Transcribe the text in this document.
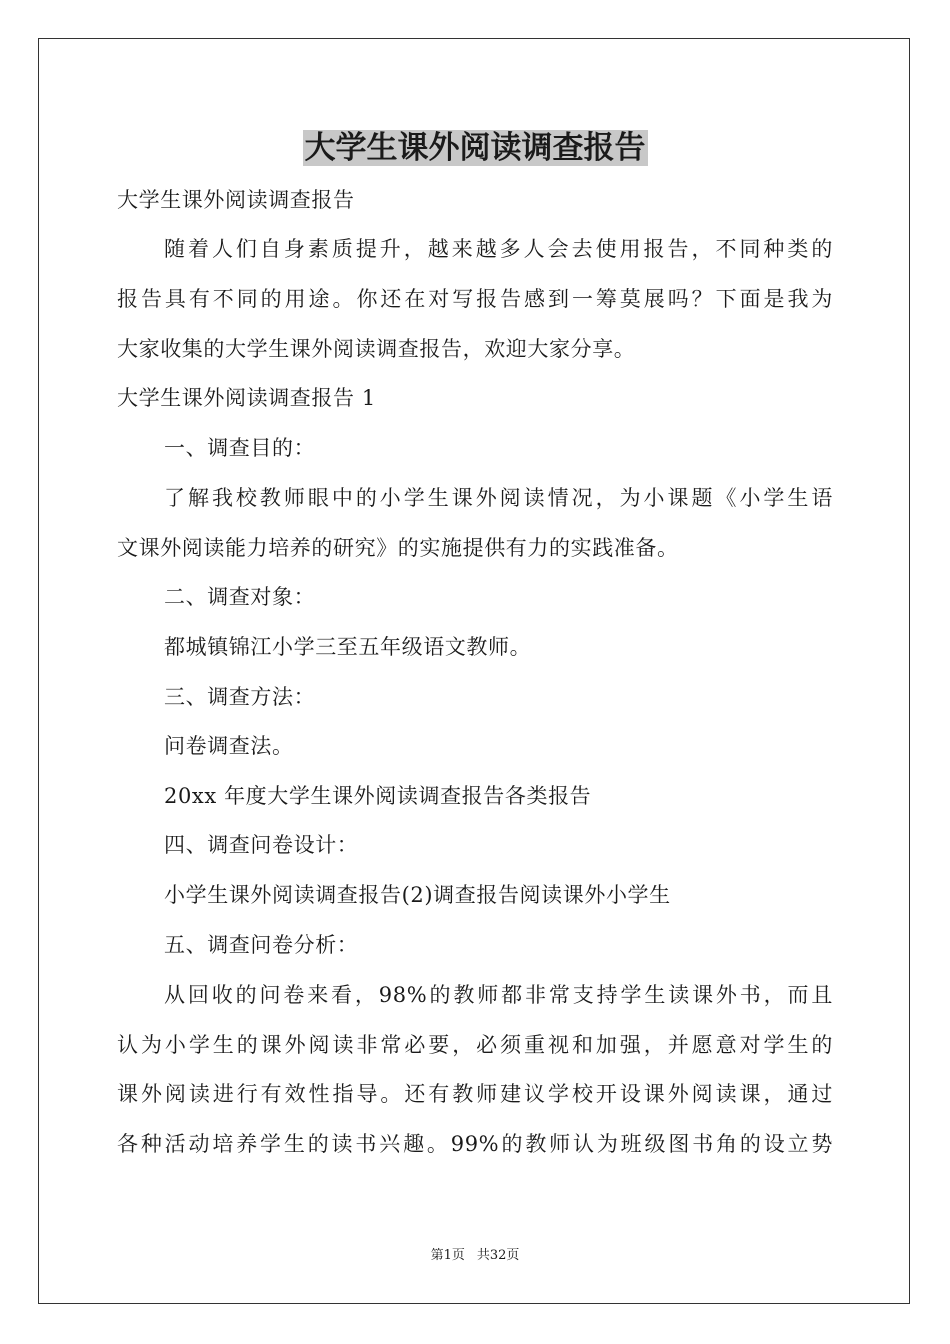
大学生课外阅读调查报告
大学生课外阅读调查报告
随着人们自身素质提升，越来越多人会去使用报告，不同种类的
报告具有不同的用途。你还在对写报告感到一筹莫展吗？下面是我为
大家收集的大学生课外阅读调查报告，欢迎大家分享。
大学生课外阅读调查报告 1
一、调查目的：
了解我校教师眼中的小学生课外阅读情况，为小课题《小学生语
文课外阅读能力培养的研究》的实施提供有力的实践准备。
二、调查对象：
都城镇锦江小学三至五年级语文教师。
三、调查方法：
问卷调查法。
20xx 年度大学生课外阅读调查报告各类报告
四、调查问卷设计：
小学生课外阅读调查报告(2)调查报告阅读课外小学生
五、调查问卷分析：
从回收的问卷来看，98%的教师都非常支持学生读课外书，而且
认为小学生的课外阅读非常必要，必须重视和加强，并愿意对学生的
课外阅读进行有效性指导。还有教师建议学校开设课外阅读课，通过
各种活动培养学生的读书兴趣。99%的教师认为班级图书角的设立势
第1页 共32页
